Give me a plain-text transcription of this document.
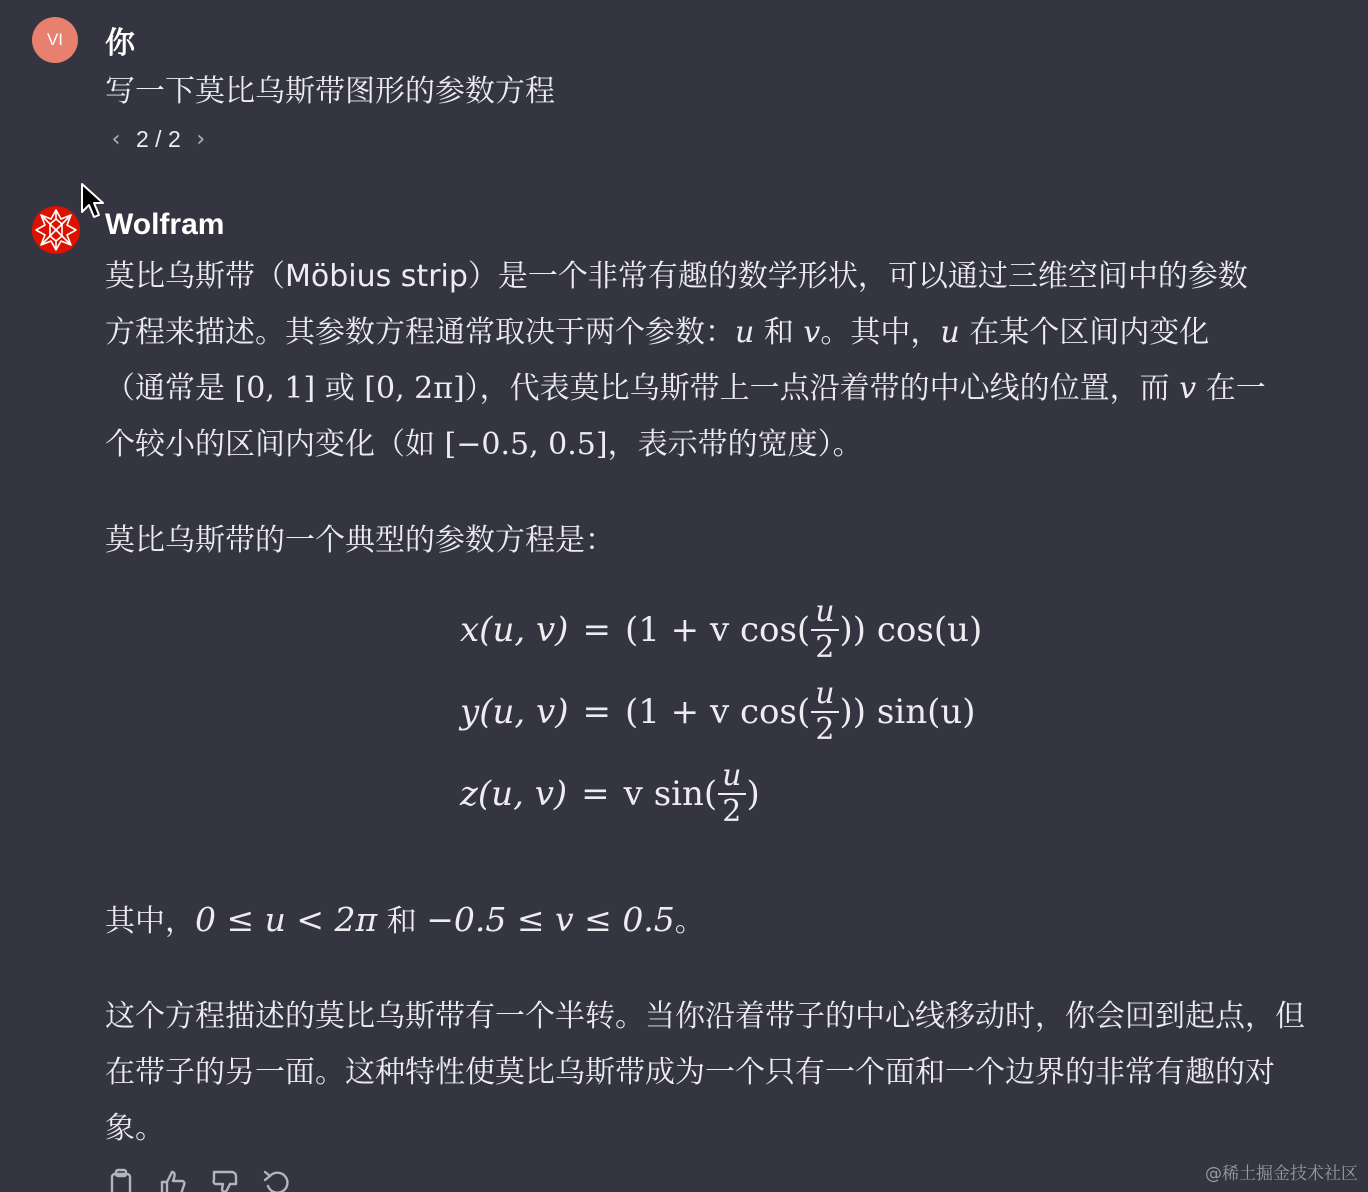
VI	你
写一下莫比乌斯带图形的参数方程
‹ 2 / 2 ›
Wolfram

莫比乌斯带（Möbius strip）是一个非常有趣的数学形状，可以通过三维空间中的参数
方程来描述。其参数方程通常取决于两个参数：u 和 v。其中，u 在某个区间内变化
（通常是 [0, 1] 或 [0, 2π]），代表莫比乌斯带上一点沿着带的中心线的位置，而 v 在一
个较小的区间内变化（如 [−0.5, 0.5]，表示带的宽度）。

莫比乌斯带的一个典型的参数方程是：

x(u, v) = (1 + v $\cos( \frac{u}{2}$ )) cos(u)
y(u, v) = (1 + v $\cos( \frac{u}{2}$ )) sin(u)
z(u, v) = v $\sin( \frac{u}{2}$ )

其中，0 ≤ u < 2π 和 −0.5 ≤ v ≤ 0.5。

这个方程描述的莫比乌斯带有一个半转。当你沿着带子的中心线移动时，你会回到起点，但在带子的另一面。这种特性使莫比乌斯带成为一个只有一个面和一个边界的非常有趣的对象。

@稀土掘金技术社区
